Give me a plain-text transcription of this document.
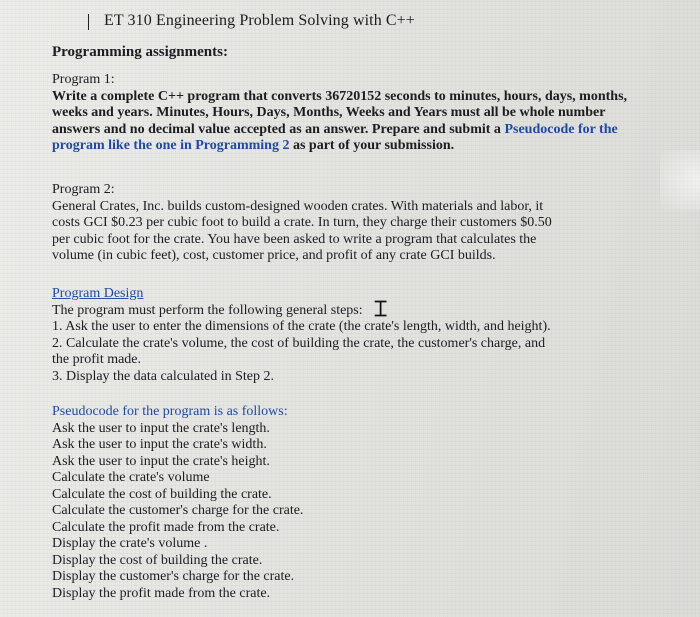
ET 310 Engineering Problem Solving with C++
Programming assignments:
Program 1:
Write a complete C++ program that converts 36720152 seconds to minutes, hours, days, months,
weeks and years. Minutes, Hours, Days, Months, Weeks and Years must all be whole number
answers and no decimal value accepted as an answer. Prepare and submit a Pseudocode for the
program like the one in Programming 2 as part of your submission.
Program 2:
General Crates, Inc. builds custom-designed wooden crates. With materials and labor, it
costs GCI $0.23 per cubic foot to build a crate. In turn, they charge their customers $0.50
per cubic foot for the crate. You have been asked to write a program that calculates the
volume (in cubic feet), cost, customer price, and profit of any crate GCI builds.
Program Design
The program must perform the following general steps:
1. Ask the user to enter the dimensions of the crate (the crate's length, width, and height).
2. Calculate the crate's volume, the cost of building the crate, the customer's charge, and
the profit made.
3. Display the data calculated in Step 2.
⌶
Pseudocode for the program is as follows:
Ask the user to input the crate's length.
Ask the user to input the crate's width.
Ask the user to input the crate's height.
Calculate the crate's volume
Calculate the cost of building the crate.
Calculate the customer's charge for the crate.
Calculate the profit made from the crate.
Display the crate's volume .
Display the cost of building the crate.
Display the customer's charge for the crate.
Display the profit made from the crate.
